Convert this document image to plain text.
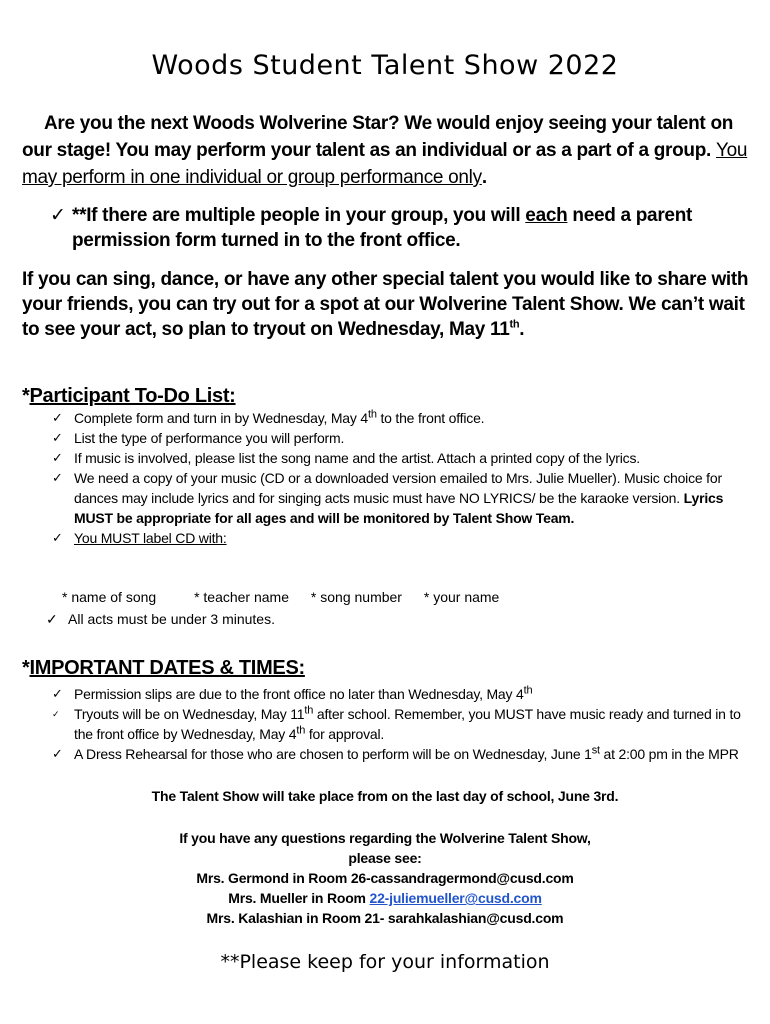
Woods Student Talent Show 2022
Are you the next Woods Wolverine Star? We would enjoy seeing your talent on our stage! You may perform your talent as an individual or as a part of a group. You may perform in one individual or group performance only.
✓ **If there are multiple people in your group, you will each need a parent permission form turned in to the front office.
If you can sing, dance, or have any other special talent you would like to share with your friends, you can try out for a spot at our Wolverine Talent Show. We can’t wait to see your act, so plan to tryout on Wednesday, May 11th.
*Participant To-Do List:
✓ Complete form and turn in by Wednesday, May 4th to the front office.
✓ List the type of performance you will perform.
✓ If music is involved, please list the song name and the artist. Attach a printed copy of the lyrics.
✓ We need a copy of your music (CD or a downloaded version emailed to Mrs. Julie Mueller). Music choice for dances may include lyrics and for singing acts music must have NO LYRICS/ be the karaoke version. Lyrics MUST be appropriate for all ages and will be monitored by Talent Show Team.
✓ You MUST label CD with:
* name of song	* teacher name * song number * your name
✓ All acts must be under 3 minutes.
*IMPORTANT DATES & TIMES:
✓ Permission slips are due to the front office no later than Wednesday, May 4th
✓	Tryouts will be on Wednesday, May 11th after school. Remember, you MUST have music ready and turned in to the front office by Wednesday, May 4th for approval.
✓ A Dress Rehearsal for those who are chosen to perform will be on Wednesday, June 1st at 2:00 pm in the MPR
The Talent Show will take place from on the last day of school, June 3rd.
If you have any questions regarding the Wolverine Talent Show,
please see:
Mrs. Germond in Room 26-cassandragermond@cusd.com
Mrs. Mueller in Room 22-juliemueller@cusd.com
Mrs. Kalashian in Room 21- sarahkalashian@cusd.com
**Please keep for your information
